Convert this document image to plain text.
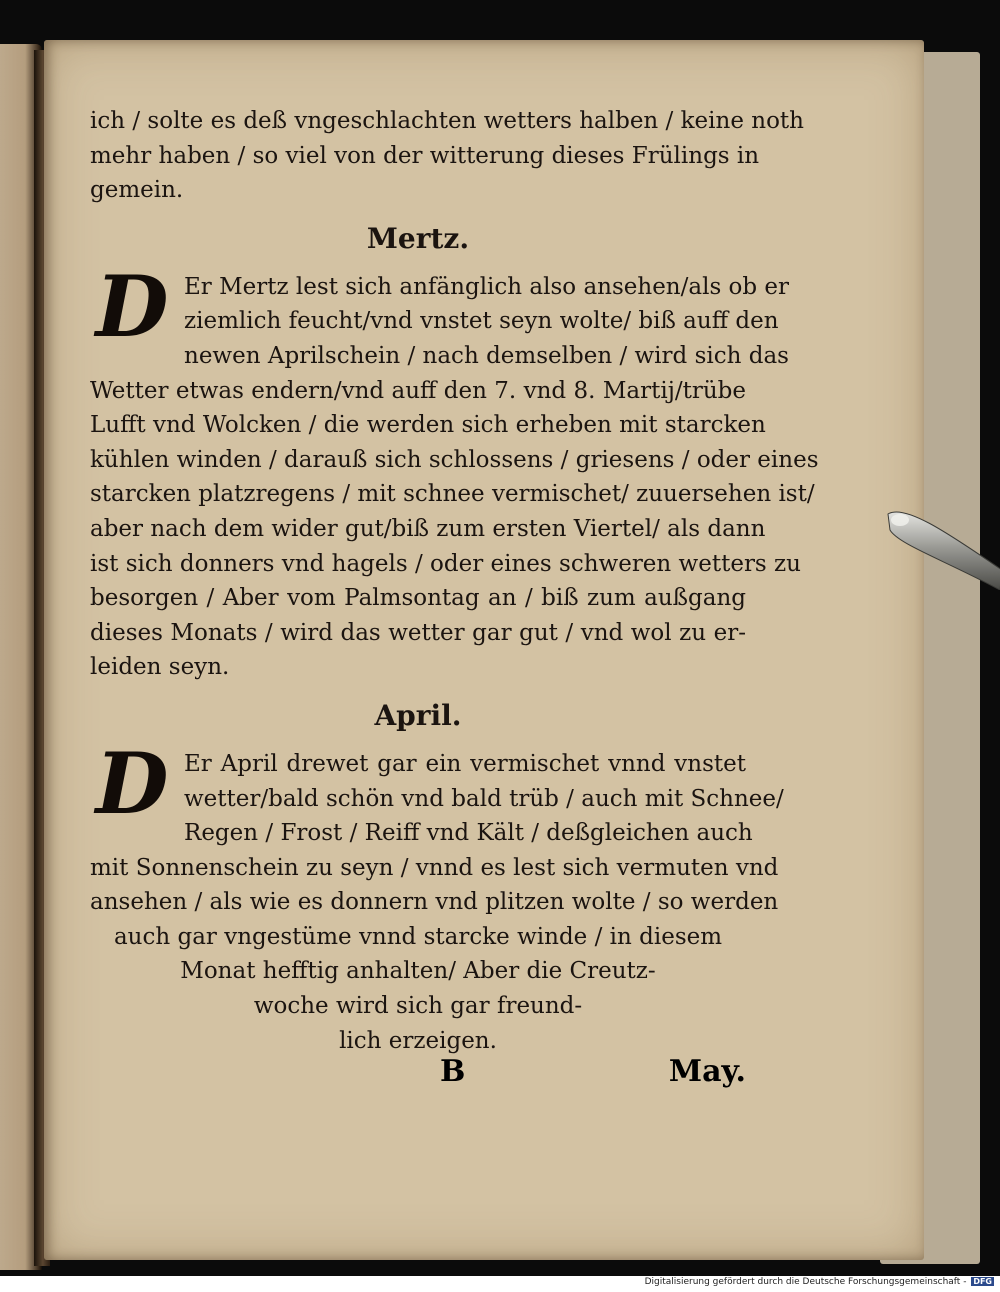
ich / solte es deß vngeschlachten wetters halben / keine noth
mehr haben / so viel von der witterung dieses Frülings in
gemein.
Mertz.
D Er Mertz lest sich anfänglich also ansehen/als ob er
ziemlich feucht/vnd vnstet seyn wolte/ biß auff den
newen Aprilschein / nach demselben / wird sich das
Wetter etwas endern/vnd auff den 7. vnd 8. Martij/trübe
Lufft vnd Wolcken / die werden sich erheben mit starcken
kühlen winden / darauß sich schlossens / griesens / oder eines
starcken platzregens / mit schnee vermischet/ zuuersehen ist/
aber nach dem wider gut/biß zum ersten Viertel/ als dann
ist sich donners vnd hagels / oder eines schweren wetters zu
besorgen / Aber vom Palmsontag an / biß zum außgang
dieses Monats / wird das wetter gar gut / vnd wol zu er-
leiden seyn.
April.
D Er April drewet gar ein vermischet vnnd vnstet
wetter/bald schön vnd bald trüb / auch mit Schnee/
Regen / Frost / Reiff vnd Kält / deßgleichen auch
mit Sonnenschein zu seyn / vnnd es lest sich vermuten vnd
ansehen / als wie es donnern vnd plitzen wolte / so werden
auch gar vngestüme vnnd starcke winde / in diesem
Monat hefftig anhalten/ Aber die Creutz-
woche wird sich gar freund-
lich erzeigen.
B	May.
Digitalisierung gefördert durch die Deutsche Forschungsgemeinschaft - DFG
